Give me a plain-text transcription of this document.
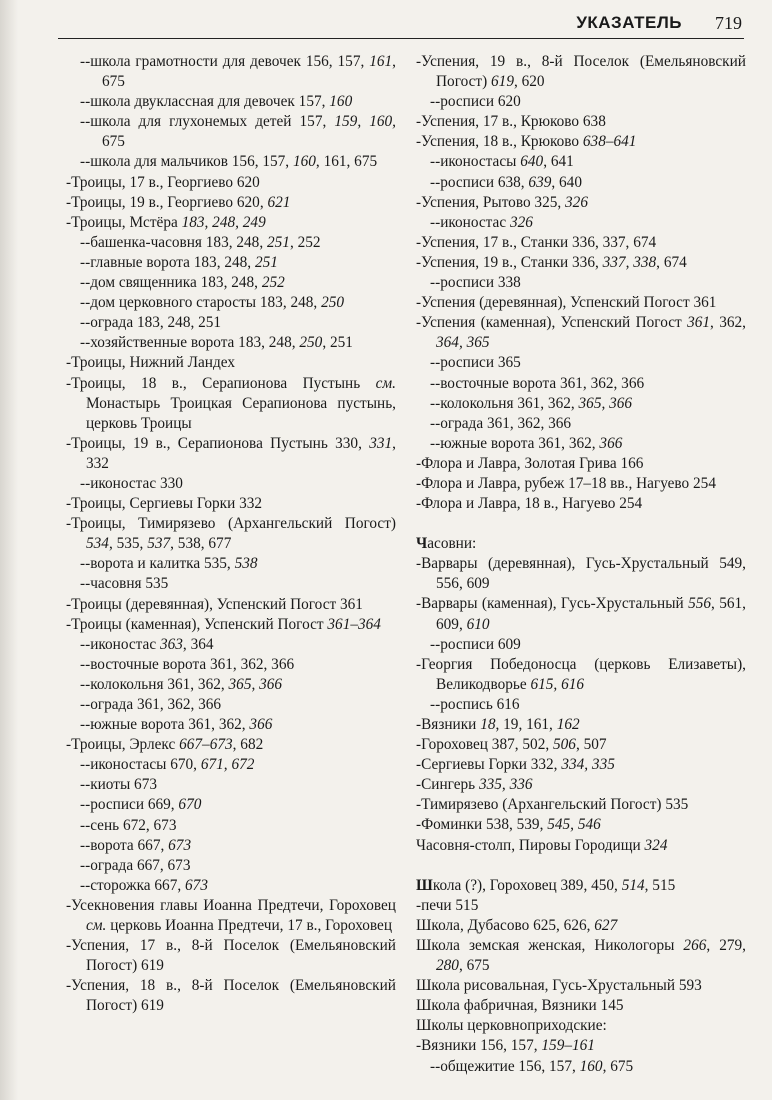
УКАЗАТЕЛЬ 719
--школа грамотности для девочек 156, 157, 161, 675
--школа двуклассная для девочек 157, 160
--школа для глухонемых детей 157, 159, 160, 675
--школа для мальчиков 156, 157, 160, 161, 675
-Троицы, 17 в., Георгиево 620
-Троицы, 19 в., Георгиево 620, 621
-Троицы, Мстёра 183, 248, 249
--башенка-часовня 183, 248, 251, 252
--главные ворота 183, 248, 251
--дом священника 183, 248, 252
--дом церковного старосты 183, 248, 250
--ограда 183, 248, 251
--хозяйственные ворота 183, 248, 250, 251
-Троицы, Нижний Ландех
-Троицы, 18 в., Серапионова Пустынь см. Монастырь Троицкая Серапионова пустынь, церковь Троицы
-Троицы, 19 в., Серапионова Пустынь 330, 331, 332
--иконостас 330
-Троицы, Сергиевы Горки 332
-Троицы, Тимирязево (Архангельский Погост) 534, 535, 537, 538, 677
--ворота и калитка 535, 538
--часовня 535
-Троицы (деревянная), Успенский Погост 361
-Троицы (каменная), Успенский Погост 361–364
--иконостас 363, 364
--восточные ворота 361, 362, 366
--колокольня 361, 362, 365, 366
--ограда 361, 362, 366
--южные ворота 361, 362, 366
-Троицы, Эрлекс 667–673, 682
--иконостасы 670, 671, 672
--киоты 673
--росписи 669, 670
--сень 672, 673
--ворота 667, 673
--ограда 667, 673
--сторожка 667, 673
-Усекновения главы Иоанна Предтечи, Гороховец см. церковь Иоанна Предтечи, 17 в., Гороховец
-Успения, 17 в., 8-й Поселок (Емельяновский Погост) 619
-Успения, 18 в., 8-й Поселок (Емельяновский Погост) 619
-Успения, 19 в., 8-й Поселок (Емельяновский Погост) 619, 620
--росписи 620
-Успения, 17 в., Крюково 638
-Успения, 18 в., Крюково 638–641
--иконостасы 640, 641
--росписи 638, 639, 640
-Успения, Рытово 325, 326
--иконостас 326
-Успения, 17 в., Станки 336, 337, 674
-Успения, 19 в., Станки 336, 337, 338, 674
--росписи 338
-Успения (деревянная), Успенский Погост 361
-Успения (каменная), Успенский Погост 361, 362, 364, 365
--росписи 365
--восточные ворота 361, 362, 366
--колокольня 361, 362, 365, 366
--ограда 361, 362, 366
--южные ворота 361, 362, 366
-Флора и Лавра, Золотая Грива 166
-Флора и Лавра, рубеж 17–18 вв., Нагуево 254
-Флора и Лавра, 18 в., Нагуево 254
Часовни:
-Варвары (деревянная), Гусь-Хрустальный 549, 556, 609
-Варвары (каменная), Гусь-Хрустальный 556, 561, 609, 610
--росписи 609
-Георгия Победоносца (церковь Елизаветы), Великодворье 615, 616
--роспись 616
-Вязники 18, 19, 161, 162
-Гороховец 387, 502, 506, 507
-Сергиевы Горки 332, 334, 335
-Сингерь 335, 336
-Тимирязево (Архангельский Погост) 535
-Фоминки 538, 539, 545, 546
Часовня-столп, Пировы Городищи 324
Школа (?), Гороховец 389, 450, 514, 515
-печи 515
Школа, Дубасово 625, 626, 627
Школа земская женская, Никологоры 266, 279, 280, 675
Школа рисовальная, Гусь-Хрустальный 593
Школа фабричная, Вязники 145
Школы церковноприходские:
-Вязники 156, 157, 159–161
--общежитие 156, 157, 160, 675
